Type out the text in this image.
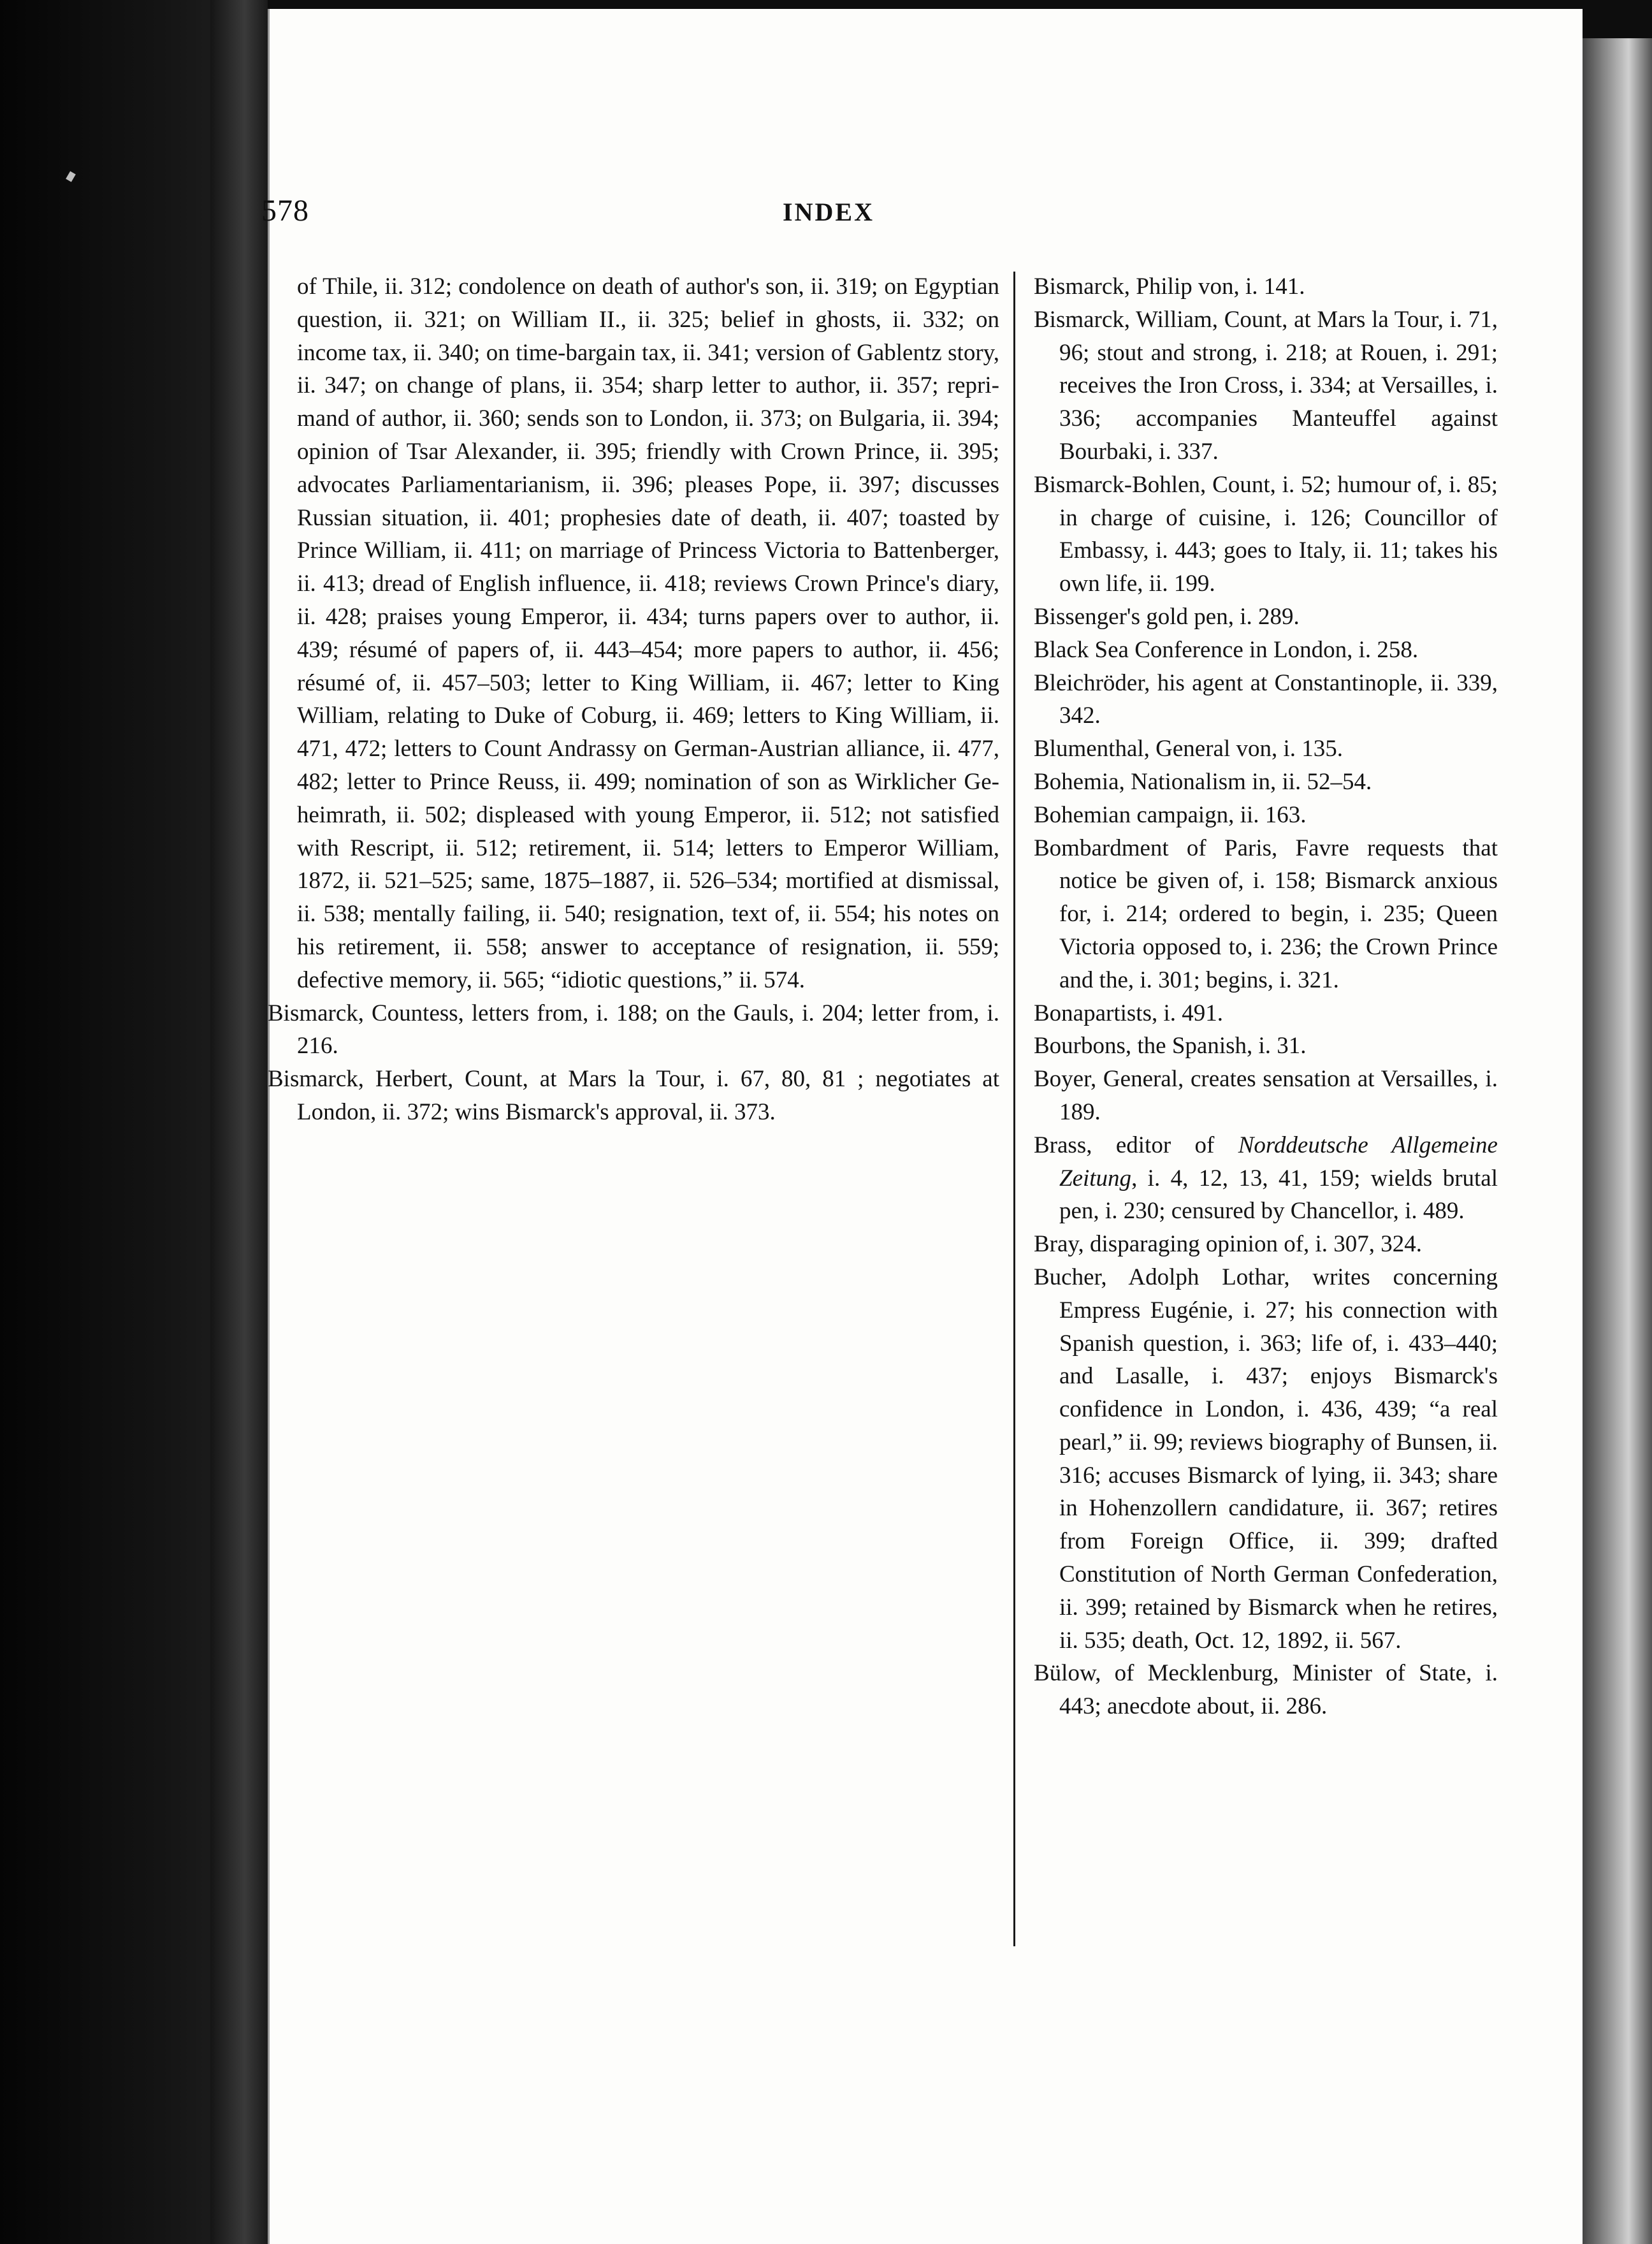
578	INDEX

of Thile, ii. 312; condolence on death of author's son, ii. 319; on Egyptian question, ii. 321; on William II., ii. 325; belief in ghosts, ii. 332; on income tax, ii. 340; on time-bargain tax, ii. 341; version of Gablentz story, ii. 347; on change of plans, ii. 354; sharp letter to author, ii. 357; reprimand of author, ii. 360; sends son to London, ii. 373; on Bulgaria, ii. 394; opinion of Tsar Alexander, ii. 395; friendly with Crown Prince, ii. 395; advocates Parliamentarianism, ii. 396; pleases Pope, ii. 397; discusses Russian situation, ii. 401; prophesies date of death, ii. 407; toasted by Prince William, ii. 411; on marriage of Princess Victoria to Battenberger, ii. 413; dread of English influence, ii. 418; reviews Crown Prince's diary, ii. 428; praises young Emperor, ii. 434; turns papers over to author, ii. 439; résumé of papers of, ii. 443–454; more papers to author, ii. 456; résumé of, ii. 457–503; letter to King William, ii. 467; letter to King William, relating to Duke of Coburg, ii. 469; letters to King William, ii. 471, 472; letters to Count Andrassy on German-Austrian alliance, ii. 477, 482; letter to Prince Reuss, ii. 499; nomination of son as Wirklicher Geheimrath, ii. 502; displeased with young Emperor, ii. 512; not satisfied with Rescript, ii. 512; retirement, ii. 514; letters to Emperor William, 1872, ii. 521–525; same, 1875–1887, ii. 526–534; mortified at dismissal, ii. 538; mentally failing, ii. 540; resignation, text of, ii. 554; his notes on his retirement, ii. 558; answer to acceptance of resignation, ii. 559; defective memory, ii. 565; “idiotic questions,” ii. 574.

Bismarck, Countess, letters from, i. 188; on the Gauls, i. 204; letter from, i. 216.

Bismarck, Herbert, Count, at Mars la Tour, i. 67, 80, 81 ; negotiates at London, ii. 372; wins Bismarck's approval, ii. 373.

Bismarck, Philip von, i. 141.

Bismarck, William, Count, at Mars la Tour, i. 71, 96; stout and strong, i. 218; at Rouen, i. 291; receives the Iron Cross, i. 334; at Versailles, i. 336; accompanies Manteuffel against Bourbaki, i. 337.

Bismarck-Bohlen, Count, i. 52; humour of, i. 85; in charge of cuisine, i. 126; Councillor of Embassy, i. 443; goes to Italy, ii. 11; takes his own life, ii. 199.

Bissenger's gold pen, i. 289.

Black Sea Conference in London, i. 258.

Bleichröder, his agent at Constantinople, ii. 339, 342.

Blumenthal, General von, i. 135.

Bohemia, Nationalism in, ii. 52–54.

Bohemian campaign, ii. 163.

Bombardment of Paris, Favre requests that notice be given of, i. 158; Bismarck anxious for, i. 214; ordered to begin, i. 235; Queen Victoria opposed to, i. 236; the Crown Prince and the, i. 301; begins, i. 321.

Bonapartists, i. 491.

Bourbons, the Spanish, i. 31.

Boyer, General, creates sensation at Versailles, i. 189.

Brass, editor of Norddeutsche Allgemeine Zeitung, i. 4, 12, 13, 41, 159; wields brutal pen, i. 230; censured by Chancellor, i. 489.

Bray, disparaging opinion of, i. 307, 324.

Bucher, Adolph Lothar, writes concerning Empress Eugénie, i. 27; his connection with Spanish question, i. 363; life of, i. 433–440; and Lasalle, i. 437; enjoys Bismarck's confidence in London, i. 436, 439; “a real pearl,” ii. 99; reviews biography of Bunsen, ii. 316; accuses Bismarck of lying, ii. 343; share in Hohenzollern candidature, ii. 367; retires from Foreign Office, ii. 399; drafted Constitution of North German Confederation, ii. 399; retained by Bismarck when he retires, ii. 535; death, Oct. 12, 1892, ii. 567.

Bülow, of Mecklenburg, Minister of State, i. 443; anecdote about, ii. 286.
